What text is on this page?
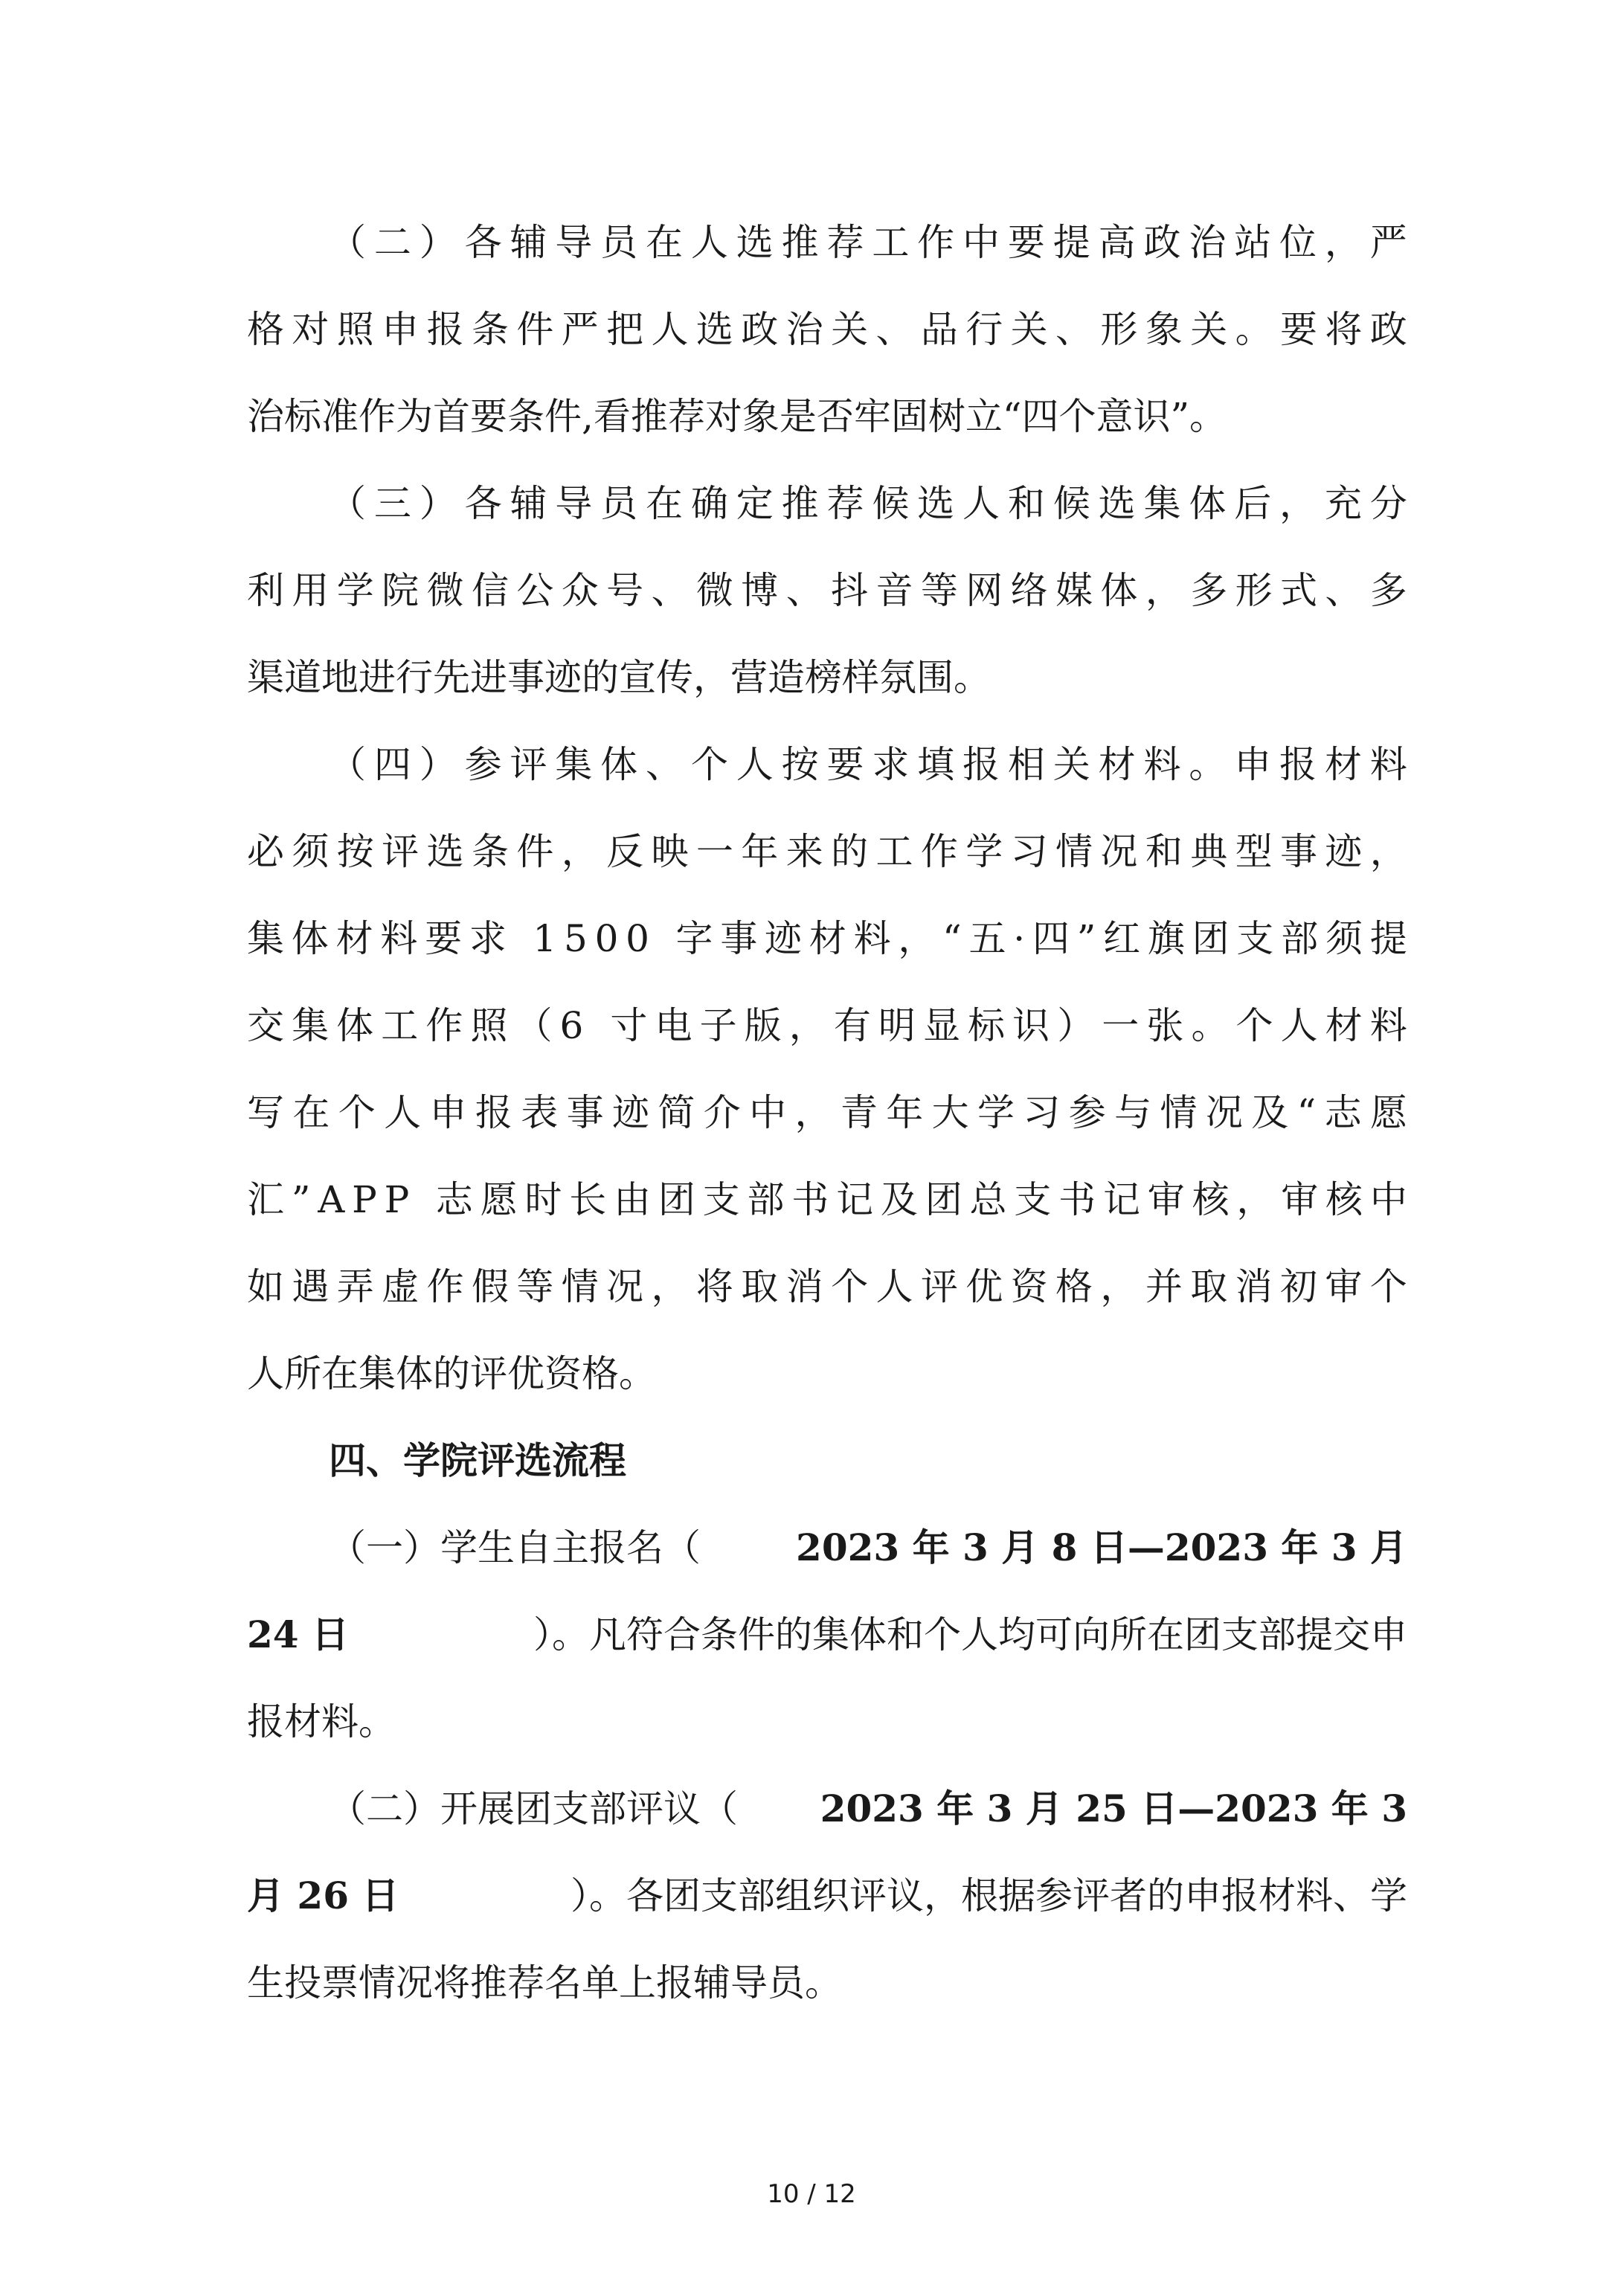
（ 二 ） 各 辅 导 员 在 人 选 推 荐 工 作 中 要 提 高 政 治 站 位 ， 严
格 对 照 申 报 条 件 严 把 人 选 政 治 关 、 品 行 关 、 形 象 关 。 要 将 政
治标准作为首要条件,看推荐对象是否牢固树立“四个意识”。
（ 三 ） 各 辅 导 员 在 确 定 推 荐 候 选 人 和 候 选 集 体 后 ， 充 分
利 用 学 院 微 信 公 众 号 、 微 博 、 抖 音 等 网 络 媒 体 ， 多 形 式 、 多
渠道地进行先进事迹的宣传，营造榜样氛围。
（ 四 ） 参 评 集 体 、 个 人 按 要 求 填 报 相 关 材 料 。 申 报 材 料
必 须 按 评 选 条 件 ， 反 映 一 年 来 的 工 作 学 习 情 况 和 典 型 事 迹 ，
集 体 材 料 要 求
1 5 0 0
字 事 迹 材 料 ， “ 五 · 四 ” 红 旗 团 支 部 须 提
交 集 体 工 作 照 （ 6
寸 电 子 版 ， 有 明 显 标 识 ） 一 张 。 个 人 材 料
写 在 个 人 申 报 表 事 迹 简 介 中 ， 青 年 大 学 习 参 与 情 况 及 “ 志 愿
汇 ” A P P
志 愿 时 长 由 团 支 部 书 记 及 团 总 支 书 记 审 核 ， 审 核 中
如 遇 弄 虚 作 假 等 情 况 ， 将 取 消 个 人 评 优 资 格 ， 并 取 消 初 审 个
人所在集体的评优资格。
四、学院评选流程
（一）学生自主报名（	2023 年 3 月 8 日—2023 年 3 月
24 日	）。凡符合条件的集体和个人均可向所在团支部提交申
报材料。
（二）开展团支部评议（ 2023 年 3 月 25 日—2023 年 3
月 26 日	）。各团支部组织评议，根据参评者的申报材料、学
生投票情况将推荐名单上报辅导员。
10 / 12
